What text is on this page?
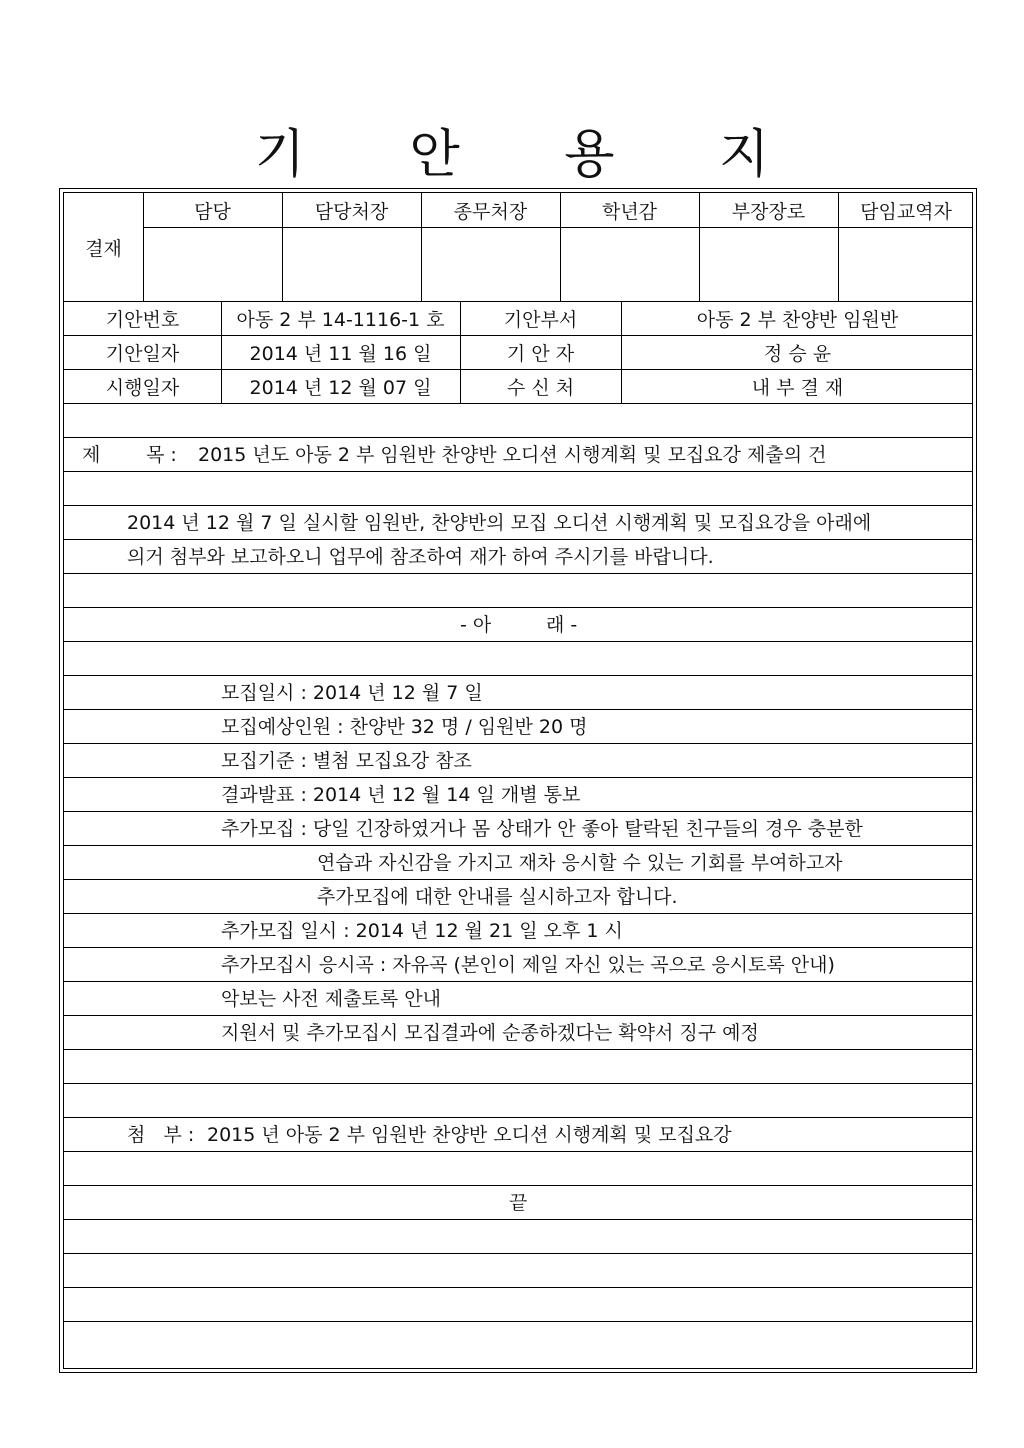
기 안 용 지
결재
담당	담당처장	종무처장	학년감	부장장로	담임교역자
기안번호	아동 2 부 14-1116-1 호	기안부서	아동 2 부 찬양반 임원반
기안일자	2014 년 11 월 16 일	기 안 자	정 승 윤
시행일자	2014 년 12 월 07 일	수 신 처	내 부 결 재
제 목 : 2015 년도 아동 2 부 임원반 찬양반 오디션 시행계획 및 모집요강 제출의 건
2014 년 12 월 7 일 실시할 임원반, 찬양반의 모집 오디션 시행계획 및 모집요강을 아래에
의거 첨부와 보고하오니 업무에 참조하여 재가 하여 주시기를 바랍니다.
- 아	래 -
모집일시 : 2014 년 12 월 7 일
모집예상인원 : 찬양반 32 명 / 임원반 20 명
모집기준 : 별첨 모집요강 참조
결과발표 : 2014 년 12 월 14 일 개별 통보
추가모집 : 당일 긴장하였거나 몸 상태가 안 좋아 탈락된 친구들의 경우 충분한
연습과 자신감을 가지고 재차 응시할 수 있는 기회를 부여하고자
추가모집에 대한 안내를 실시하고자 합니다.
추가모집 일시 : 2014 년 12 월 21 일 오후 1 시
추가모집시 응시곡 : 자유곡 (본인이 제일 자신 있는 곡으로 응시토록 안내)
악보는 사전 제출토록 안내
지원서 및 추가모집시 모집결과에 순종하겠다는 확약서 징구 예정
첨   부 : 2015 년 아동 2 부 임원반 찬양반 오디션 시행계획 및 모집요강
끝
